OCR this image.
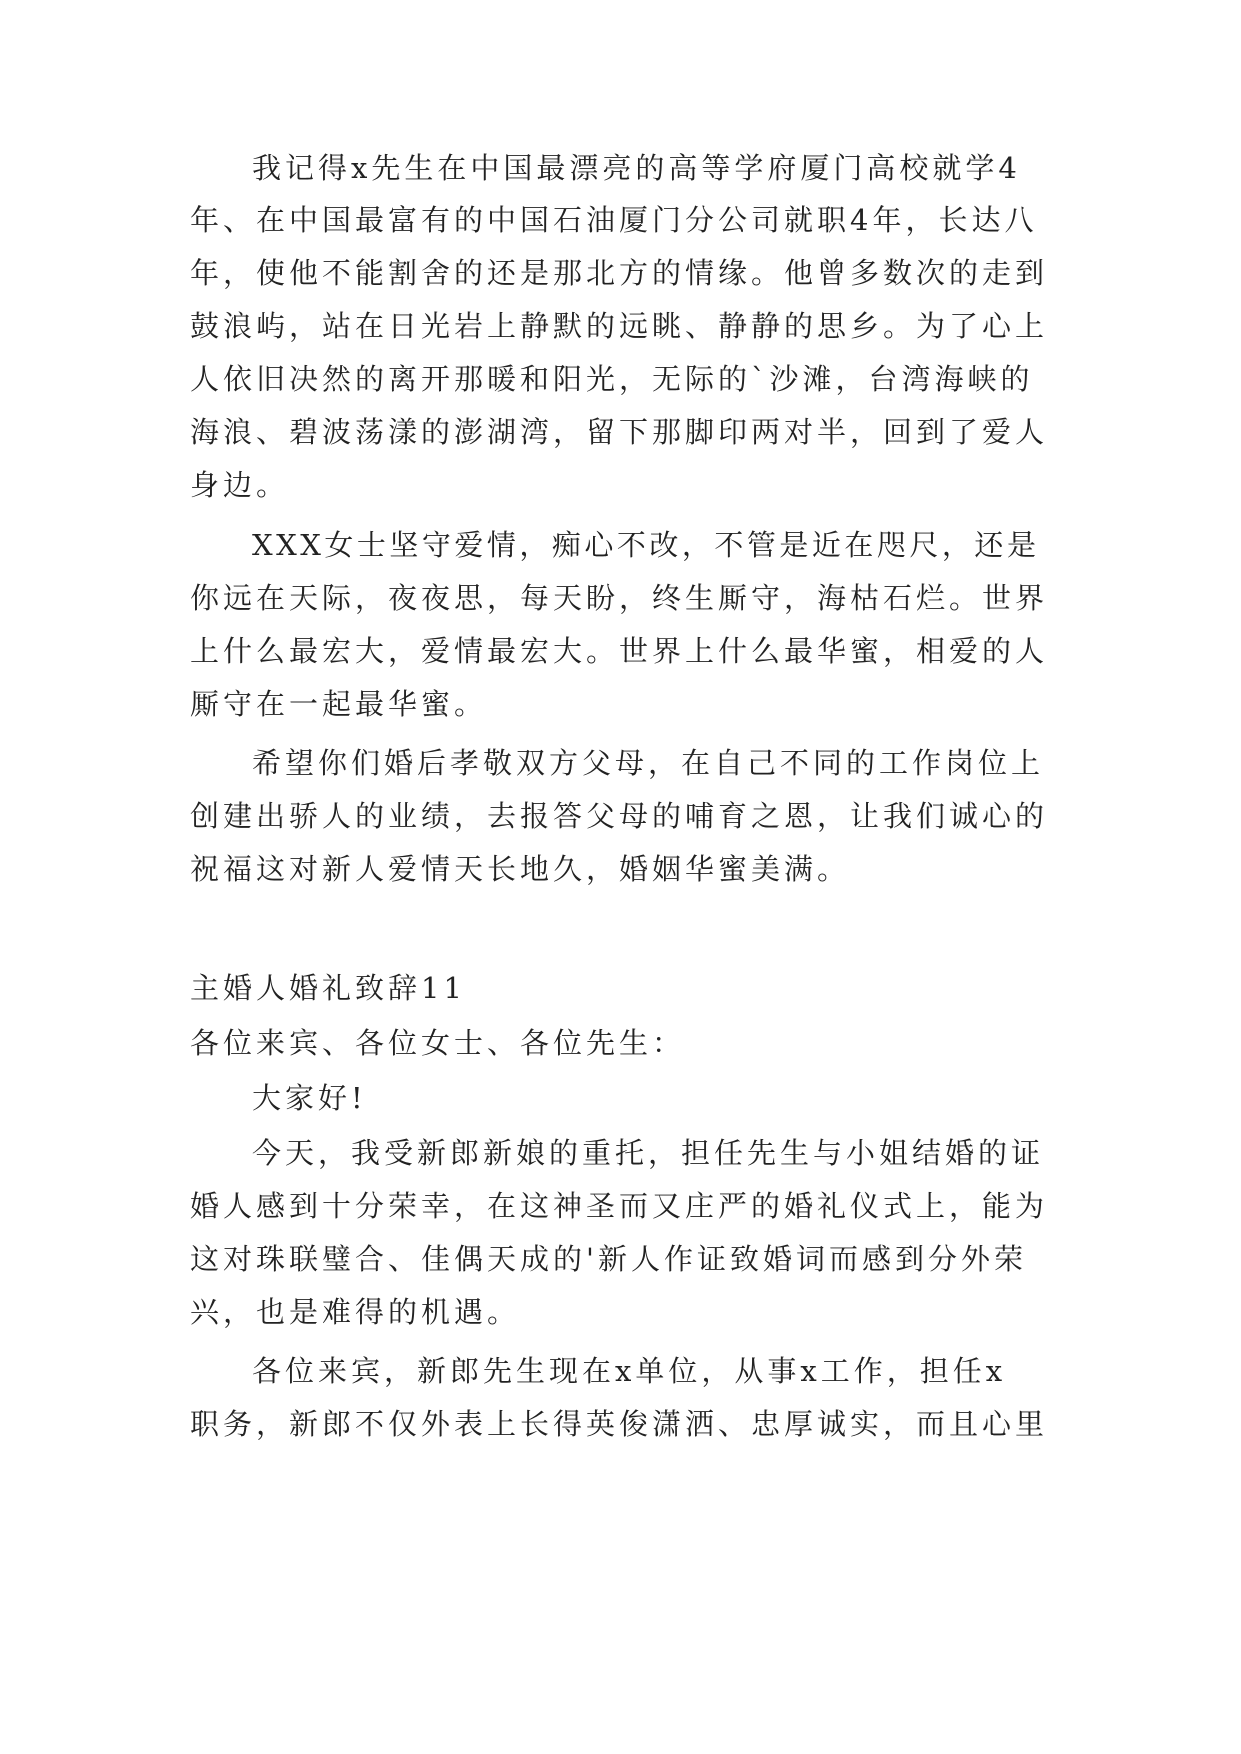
我记得x先生在中国最漂亮的高等学府厦门高校就学4
年、在中国最富有的中国石油厦门分公司就职4年，长达八
年，使他不能割舍的还是那北方的情缘。他曾多数次的走到
鼓浪屿，站在日光岩上静默的远眺、静静的思乡。为了心上
人依旧决然的离开那暖和阳光，无际的`沙滩，台湾海峡的
海浪、碧波荡漾的澎湖湾，留下那脚印两对半，回到了爱人
身边。
XXX女士坚守爱情，痴心不改，不管是近在咫尺，还是
你远在天际，夜夜思，每天盼，终生厮守，海枯石烂。世界
上什么最宏大，爱情最宏大。世界上什么最华蜜，相爱的人
厮守在一起最华蜜。
希望你们婚后孝敬双方父母，在自己不同的工作岗位上
创建出骄人的业绩，去报答父母的哺育之恩，让我们诚心的
祝福这对新人爱情天长地久，婚姻华蜜美满。
主婚人婚礼致辞11
各位来宾、各位女士、各位先生：
大家好!
今天，我受新郎新娘的重托，担任先生与小姐结婚的证
婚人感到十分荣幸，在这神圣而又庄严的婚礼仪式上，能为
这对珠联璧合、佳偶天成的'新人作证致婚词而感到分外荣
兴，也是难得的机遇。
各位来宾，新郎先生现在x单位，从事x工作，担任x
职务，新郎不仅外表上长得英俊潇洒、忠厚诚实，而且心里
